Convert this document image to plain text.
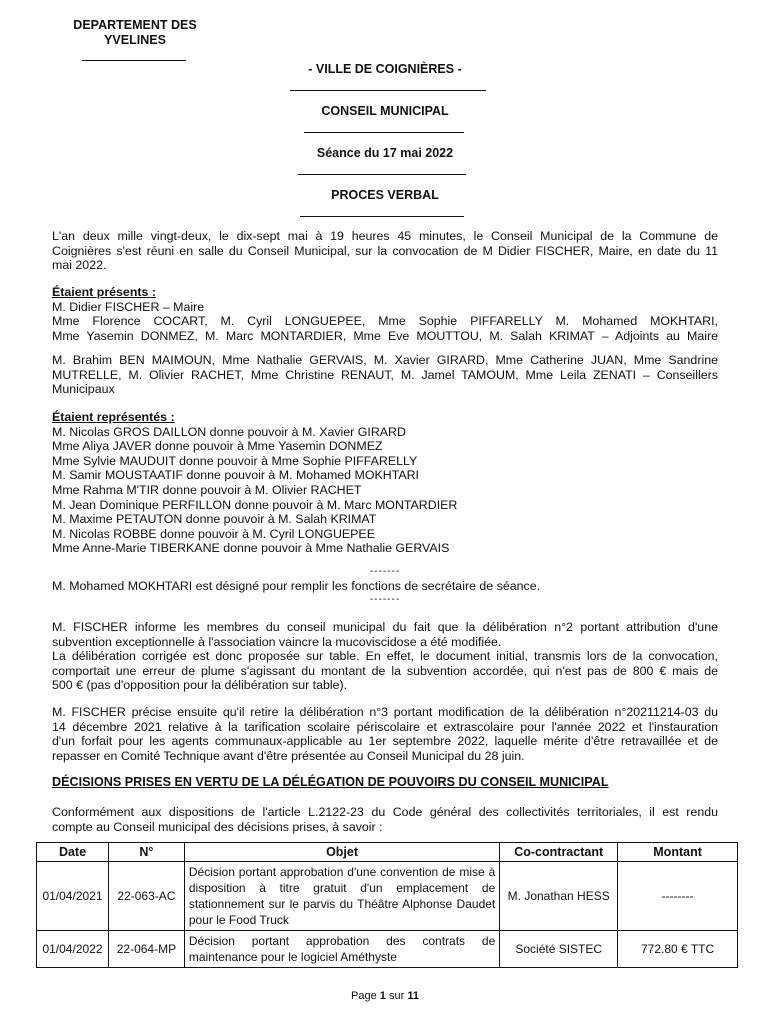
DEPARTEMENT DES
YVELINES
- VILLE DE COIGNIÈRES -
CONSEIL MUNICIPAL
Séance du 17 mai 2022
PROCES VERBAL
L'an deux mille vingt-deux, le dix-sept mai à 19 heures 45 minutes, le Conseil Municipal de la Commune de
Coignières s'est réuni en salle du Conseil Municipal, sur la convocation de M Didier FISCHER, Maire, en date du 11
mai 2022.
Étaient présents :
M. Didier FISCHER – Maire
Mme Florence COCART, M. Cyril LONGUEPEE, Mme Sophie PIFFARELLY M. Mohamed MOKHTARI,
Mme Yasemin DONMEZ, M. Marc MONTARDIER, Mme Eve MOUTTOU, M. Salah KRIMAT – Adjoints au Maire
M. Brahim BEN MAIMOUN, Mme Nathalie GERVAIS, M. Xavier GIRARD, Mme Catherine JUAN, Mme Sandrine
MUTRELLE, M. Olivier RACHET, Mme Christine RENAUT, M. Jamel TAMOUM, Mme Leila ZENATI – Conseillers
Municipaux
Étaient représentés :
M. Nicolas GROS DAILLON donne pouvoir à M. Xavier GIRARD
Mme Aliya JAVER donne pouvoir à Mme Yasemin DONMEZ
Mme Sylvie MAUDUIT donne pouvoir à Mme Sophie PIFFARELLY
M. Samir MOUSTAATIF donne pouvoir à M. Mohamed MOKHTARI
Mme Rahma M'TIR donne pouvoir à M. Olivier RACHET
M. Jean Dominique PERFILLON donne pouvoir à M. Marc MONTARDIER
M. Maxime PETAUTON donne pouvoir à M. Salah KRIMAT
M. Nicolas ROBBE donne pouvoir à M. Cyril LONGUEPEE
Mme Anne-Marie TIBERKANE donne pouvoir à Mme Nathalie GERVAIS
-------
M. Mohamed MOKHTARI est désigné pour remplir les fonctions de secrétaire de séance.
-------
M. FISCHER informe les membres du conseil municipal du fait que la délibération n°2 portant attribution d'une
subvention exceptionnelle à l'association vaincre la mucoviscidose a été modifiée.
La délibération corrigée est donc proposée sur table. En effet, le document initial, transmis lors de la convocation,
comportait une erreur de plume s'agissant du montant de la subvention accordée, qui n'est pas de 800 € mais de
500 € (pas d'opposition pour la délibération sur table).
M. FISCHER précise ensuite qu'il retire la délibération n°3 portant modification de la délibération n°20211214-03 du
14 décembre 2021 relative à la tarification scolaire périscolaire et extrascolaire pour l'année 2022 et l'instauration
d'un forfait pour les agents communaux-applicable au 1er septembre 2022, laquelle mérite d'être retravaillée et de
repasser en Comité Technique avant d'être présentée au Conseil Municipal du 28 juin.
DÉCISIONS PRISES EN VERTU DE LA DÉLÉGATION DE POUVOIRS DU CONSEIL MUNICIPAL
Conformément aux dispositions de l'article L.2122-23 du Code général des collectivités territoriales, il est rendu
compte au Conseil municipal des décisions prises, à savoir :
Date	N°	Objet	Co-contractant	Montant
01/04/2021	22-063-AC	Décision portant approbation d'une convention de mise à disposition à titre gratuit d'un emplacement de stationnement sur le parvis du Théâtre Alphonse Daudet pour le Food Truck	M. Jonathan HESS	--------
01/04/2022	22-064-MP	Décision portant approbation des contrats de maintenance pour le logiciel Améthyste	Société SISTEC	772.80 € TTC
Page 1 sur 11
